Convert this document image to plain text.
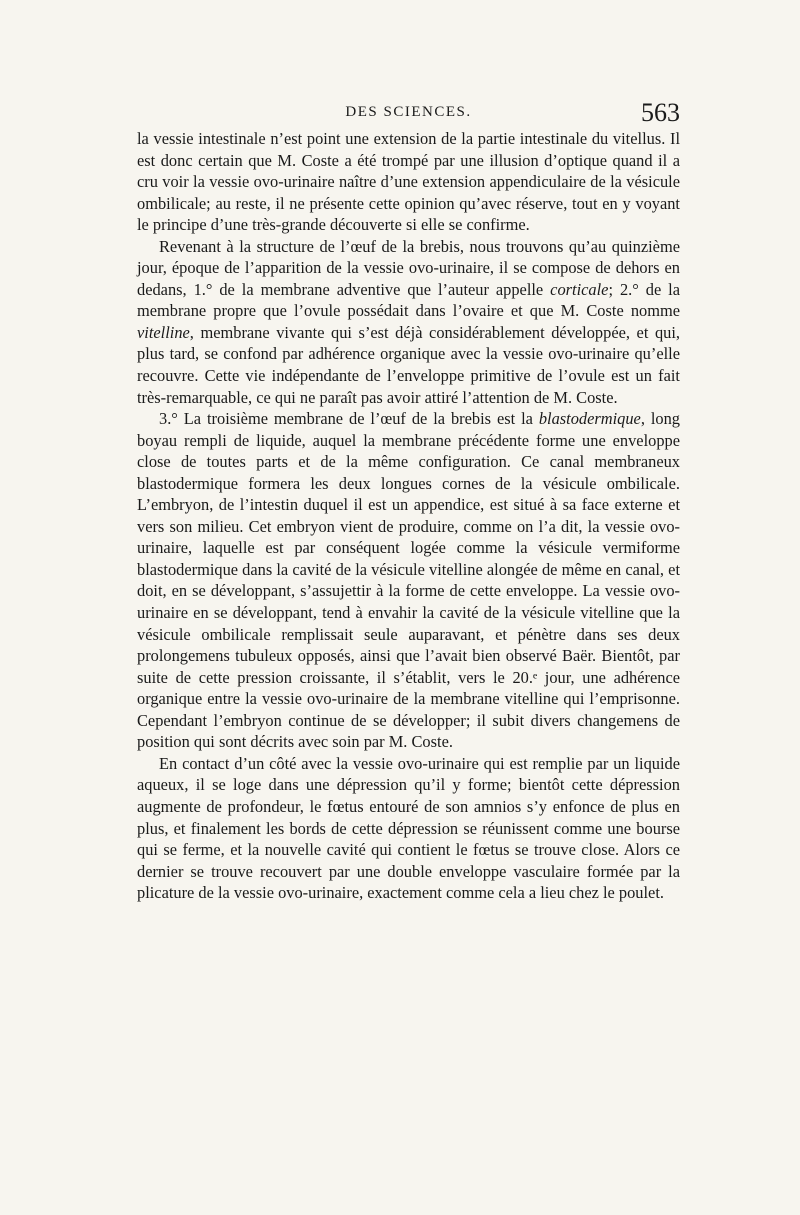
DES SCIENCES.	563

la vessie intestinale n’est point une extension de la partie intestinale du vitellus. Il est donc certain que M. Coste a été trompé par une illusion d’optique quand il a cru voir la vessie ovo-urinaire naître d’une extension appendiculaire de la vésicule ombilicale; au reste, il ne présente cette opinion qu’avec réserve, tout en y voyant le principe d’une très-grande découverte si elle se confirme.

Revenant à la structure de l’œuf de la brebis, nous trouvons qu’au quinzième jour, époque de l’apparition de la vessie ovo-urinaire, il se compose de dehors en dedans, 1.° de la membrane adventive que l’auteur appelle corticale; 2.° de la membrane propre que l’ovule possédait dans l’ovaire et que M. Coste nomme vitelline, membrane vivante qui s’est déjà considérablement développée, et qui, plus tard, se confond par adhérence organique avec la vessie ovo-urinaire qu’elle recouvre. Cette vie indépendante de l’enveloppe primitive de l’ovule est un fait très-remarquable, ce qui ne paraît pas avoir attiré l’attention de M. Coste.

3.° La troisième membrane de l’œuf de la brebis est la blastodermique, long boyau rempli de liquide, auquel la membrane précédente forme une enveloppe close de toutes parts et de la même configuration. Ce canal membraneux blastodermique formera les deux longues cornes de la vésicule ombilicale. L’embryon, de l’intestin duquel il est un appendice, est situé à sa face externe et vers son milieu. Cet embryon vient de produire, comme on l’a dit, la vessie ovo-urinaire, laquelle est par conséquent logée comme la vésicule vermiforme blastodermique dans la cavité de la vésicule vitelline alongée de même en canal, et doit, en se développant, s’assujettir à la forme de cette enveloppe. La vessie ovo-urinaire en se développant, tend à envahir la cavité de la vésicule vitelline que la vésicule ombilicale remplissait seule auparavant, et pénètre dans ses deux prolongemens tubuleux opposés, ainsi que l’avait bien observé Baër. Bientôt, par suite de cette pression croissante, il s’établit, vers le 20.ᵉ jour, une adhérence organique entre la vessie ovo-urinaire de la membrane vitelline qui l’emprisonne. Cependant l’embryon continue de se développer; il subit divers changemens de position qui sont décrits avec soin par M. Coste.

En contact d’un côté avec la vessie ovo-urinaire qui est remplie par un liquide aqueux, il se loge dans une dépression qu’il y forme; bientôt cette dépression augmente de profondeur, le fœtus entouré de son amnios s’y enfonce de plus en plus, et finalement les bords de cette dépression se réunissent comme une bourse qui se ferme, et la nouvelle cavité qui contient le fœtus se trouve close. Alors ce dernier se trouve recouvert par une double enveloppe vasculaire formée par la plicature de la vessie ovo-urinaire, exactement comme cela a lieu chez le poulet.
